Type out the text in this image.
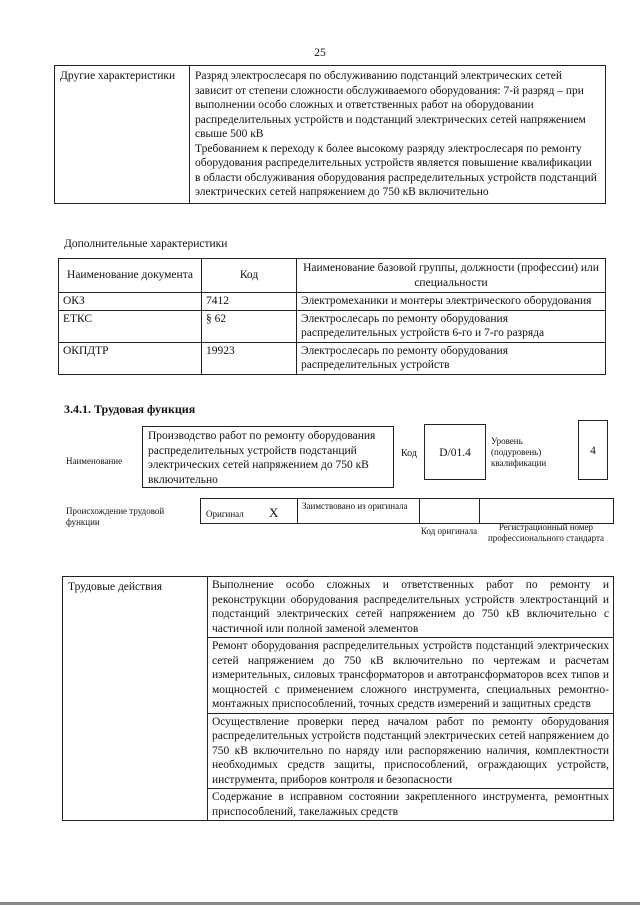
25
Другие характеристики	Разряд электрослесаря по обслуживанию подстанций электрических сетей зависит от степени сложности обслуживаемого оборудования: 7-й разряд – при выполнении особо сложных и ответственных работ на оборудовании распределительных устройств и подстанций электрических сетей напряжением свыше 500 кВ
Требованием к переходу к более высокому разряду электрослесаря по ремонту оборудования распределительных устройств является повышение квалификации в области обслуживания оборудования распределительных устройств подстанций электрических сетей напряжением до 750 кВ включительно
Дополнительные характеристики
Наименование документа	Код	Наименование базовой группы, должности (профессии) или специальности
ОКЗ	7412	Электромеханики и монтеры электрического оборудования
ЕТКС	§ 62	Электрослесарь по ремонту оборудования распределительных устройств 6-го и 7-го разряда
ОКПДТР	19923	Электрослесарь по ремонту оборудования распределительных устройств
3.4.1. Трудовая функция
Наименование
Производство работ по ремонту оборудования распределительных устройств подстанций электрических сетей напряжением до 750 кВ включительно
Код	D/01.4
Уровень (подуровень) квалификации
4
Происхождение трудовой функции
Оригинал X	Заимствовано из оригинала
Код оригинала	Регистрационный номер профессионального стандарта
Трудовые действия	Выполнение особо сложных и ответственных работ по ремонту и реконструкции оборудования распределительных устройств электростанций и подстанций электрических сетей напряжением до 750 кВ включительно с частичной или полной заменой элементов
Ремонт оборудования распределительных устройств подстанций электрических сетей напряжением до 750 кВ включительно по чертежам и расчетам измерительных, силовых трансформаторов и автотрансформаторов всех типов и мощностей с применением сложного инструмента, специальных ремонтно-монтажных приспособлений, точных средств измерений и защитных средств
Осуществление проверки перед началом работ по ремонту оборудования распределительных устройств подстанций электрических сетей напряжением до 750 кВ включительно по наряду или распоряжению наличия, комплектности необходимых средств защиты, приспособлений, ограждающих устройств, инструмента, приборов контроля и безопасности
Содержание в исправном состоянии закрепленного инструмента, ремонтных приспособлений, такелажных средств
